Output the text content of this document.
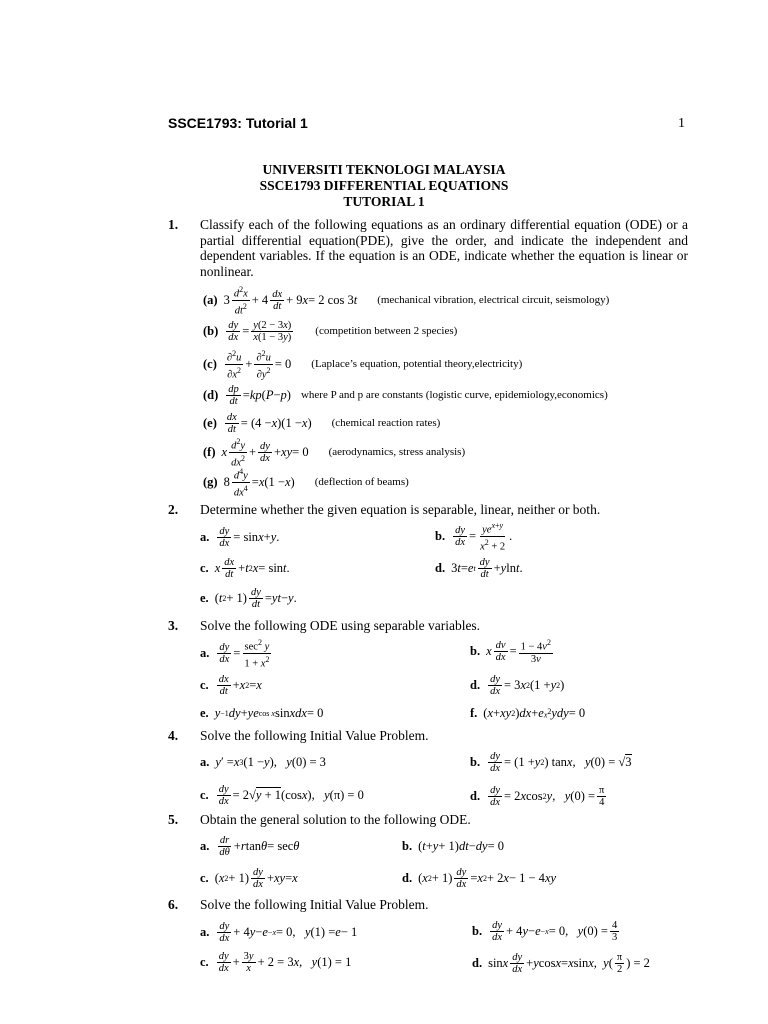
SSCE1793: Tutorial 1	1
UNIVERSITI TEKNOLOGI MALAYSIA
SSCE1793 DIFFERENTIAL EQUATIONS
TUTORIAL 1
1. Classify each of the following equations as an ordinary differential equation (ODE) or a partial differential equation(PDE), give the order, and indicate the independent and dependent variables. If the equation is an ODE, indicate whether the equation is linear or nonlinear.
(a) $3 \frac{d^2x}{dt^2} + 4 \frac{dx}{dt} + 9$ x = 2 cos 3 t (mechanical vibration, electrical circuit, seismology)
$(b) \frac{dy}{dx} = \frac{y(2 - 3x)}{x(1 - 3y)}$ (competition between 2 species)
$(c) \frac{\partial^2u}{\partial x^2} + \frac{\partial^2u}{\partial y^2} = 0$ (Laplace’s equation, potential theory,electricity)
$(d) \frac{dp}{dt}$ = kp ( P − p ) where P and p are constants (logistic curve, epidemiology,economics)
$(e) \frac{dx}{dt} = (4 - x$ )(1 − x ) (chemical reaction rates)
(f) x $\frac{d^2y}{dx^2} + \frac{dy}{dx}$ + xy = 0 (aerodynamics, stress analysis)
(g) $8 \frac{d^4y}{dx^4} = x$ (1 − x ) (deflection of beams)
2. Determine whether the given equation is separable, linear, neither or both.
a. $\frac{dy}{dx} = \sin x + y$ .	b. $\frac{dy}{dx} = \frac{ye^{x+y}}{x^2 + 2}$ .
c. x $\frac{dx}{dt} + t$ 2 x = sin t .	d. 3 t = e t $\frac{dy}{dt} + y$ ln t .
e. ( t $2 + 1) \frac{dy}{dt}$ = yt − y .
3. Solve the following ODE using separable variables.
a. $\frac{dy}{dx} = \frac{\sec^2 y}{1 + x^2}$	b. x $\frac{dv}{dx} = \frac{1 - 4v^2}{3v}$
c. $\frac{dx}{dt} + x$ 2 = x	d. $\frac{dy}{dx} = 3$ x 2 (1 + y 2 )
e. y −1 dy + ye cos x sin xdx = 0	f. ( x + xy 2 ) dx + e $x^2$ ydy = 0
4. Solve the following Initial Value Problem.
a. y ′ = x 3 (1 − y ), y (0) = 3	b. $\frac{dy}{dx} = (1 + y$ 2 ) tan x , y (0) = √ 3
c. $\frac{dy}{dx} = 2√$ y + 1 (cos x ), y (π) = 0	d. $\frac{dy}{dx} = 2$ x cos 2 y , y $(0) = \frac{\pi}{4}$
5. Obtain the general solution to the following ODE.
a. $\frac{dr}{d\theta} + r$ tan θ = sec θ	b. ( t + y + 1) dt − dy = 0
c. ( x $2 + 1) \frac{dy}{dx}$ + xy = x	d. ( x $2 + 1) \frac{dy}{dx} = x$ 2 + 2 x − 1 − 4 xy
6. Solve the following Initial Value Problem.
a. $\frac{dy}{dx} + 4$ y − e −x = 0, y (1) = e − 1	b. $\frac{dy}{dx} + 4$ y − e −x = 0, y $(0) = \frac{4}{3}$
c. $\frac{dy}{dx} + \frac{3y}{x} + 2 = 3$ x , y (1) = 1	d. sin x $\frac{dy}{dx} + y$ cos x = x sin x , y ( $\frac{\pi}{2}$ ) = 2
